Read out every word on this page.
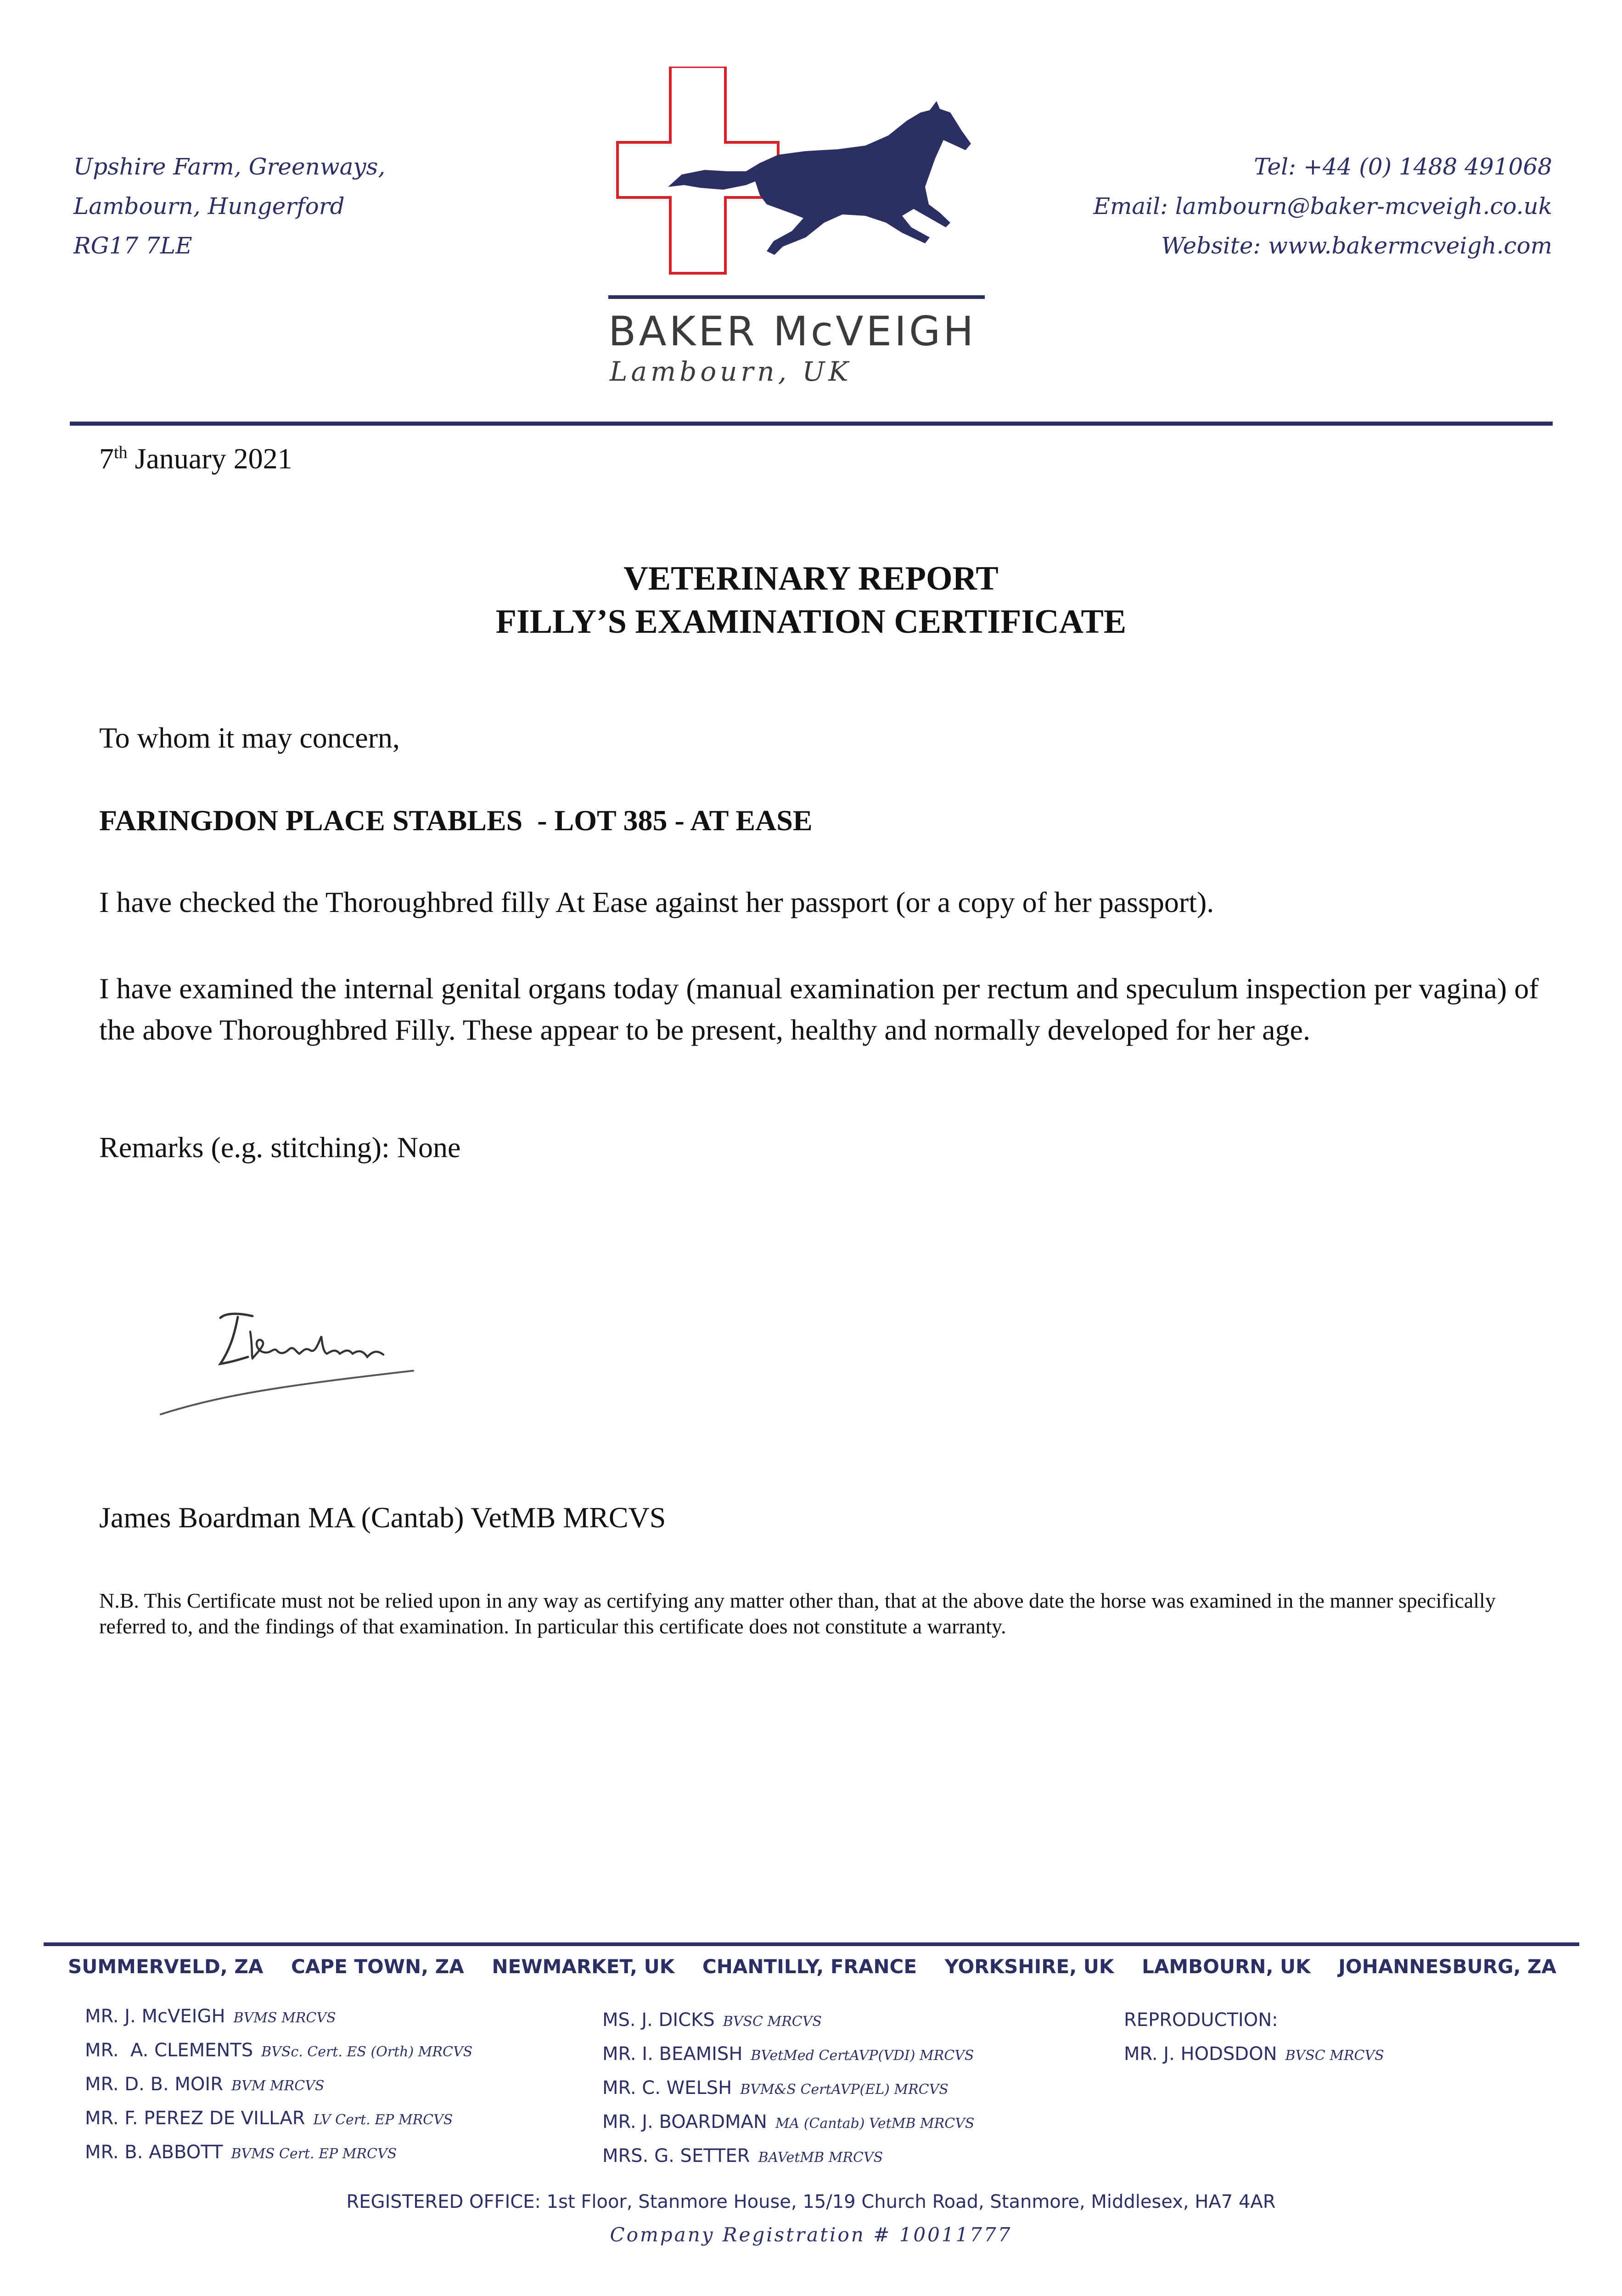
Upshire Farm, Greenways,
Lambourn, Hungerford
RG17 7LE
BAKER McVEIGH
Lambourn, UK
Tel: +44 (0) 1488 491068
Email: lambourn@baker-mcveigh.co.uk
Website: www.bakermcveigh.com
7th January 2021
VETERINARY REPORT
FILLY’S EXAMINATION CERTIFICATE
To whom it may concern,
FARINGDON PLACE STABLES  - LOT 385 - AT EASE
I have checked the Thoroughbred filly At Ease against her passport (or a copy of her passport).
I have examined the internal genital organs today (manual examination per rectum and speculum inspection per vagina) of the above Thoroughbred Filly. These appear to be present, healthy and normally developed for her age.
Remarks (e.g. stitching): None
James Boardman MA (Cantab) VetMB MRCVS
N.B. This Certificate must not be relied upon in any way as certifying any matter other than, that at the above date the horse was examined in the manner specifically referred to, and the findings of that examination. In particular this certificate does not constitute a warranty.
SUMMERVELD, ZA CAPE TOWN, ZA NEWMARKET, UK CHANTILLY, FRANCE YORKSHIRE, UK LAMBOURN, UK JOHANNESBURG, ZA
MR. J. McVEIGH BVMS MRCVS
MR.  A. CLEMENTS BVSc. Cert. ES (Orth) MRCVS
MR. D. B. MOIR BVM MRCVS
MR. F. PEREZ DE VILLAR LV Cert. EP MRCVS
MR. B. ABBOTT BVMS Cert. EP MRCVS
MS. J. DICKS BVSC MRCVS
MR. I. BEAMISH BVetMed CertAVP(VDI) MRCVS
MR. C. WELSH BVM&S CertAVP(EL) MRCVS
MR. J. BOARDMAN MA (Cantab) VetMB MRCVS
MRS. G. SETTER BAVetMB MRCVS
REPRODUCTION:
MR. J. HODSDON BVSC MRCVS
REGISTERED OFFICE: 1st Floor, Stanmore House, 15/19 Church Road, Stanmore, Middlesex, HA7 4AR
Company Registration # 10011777
